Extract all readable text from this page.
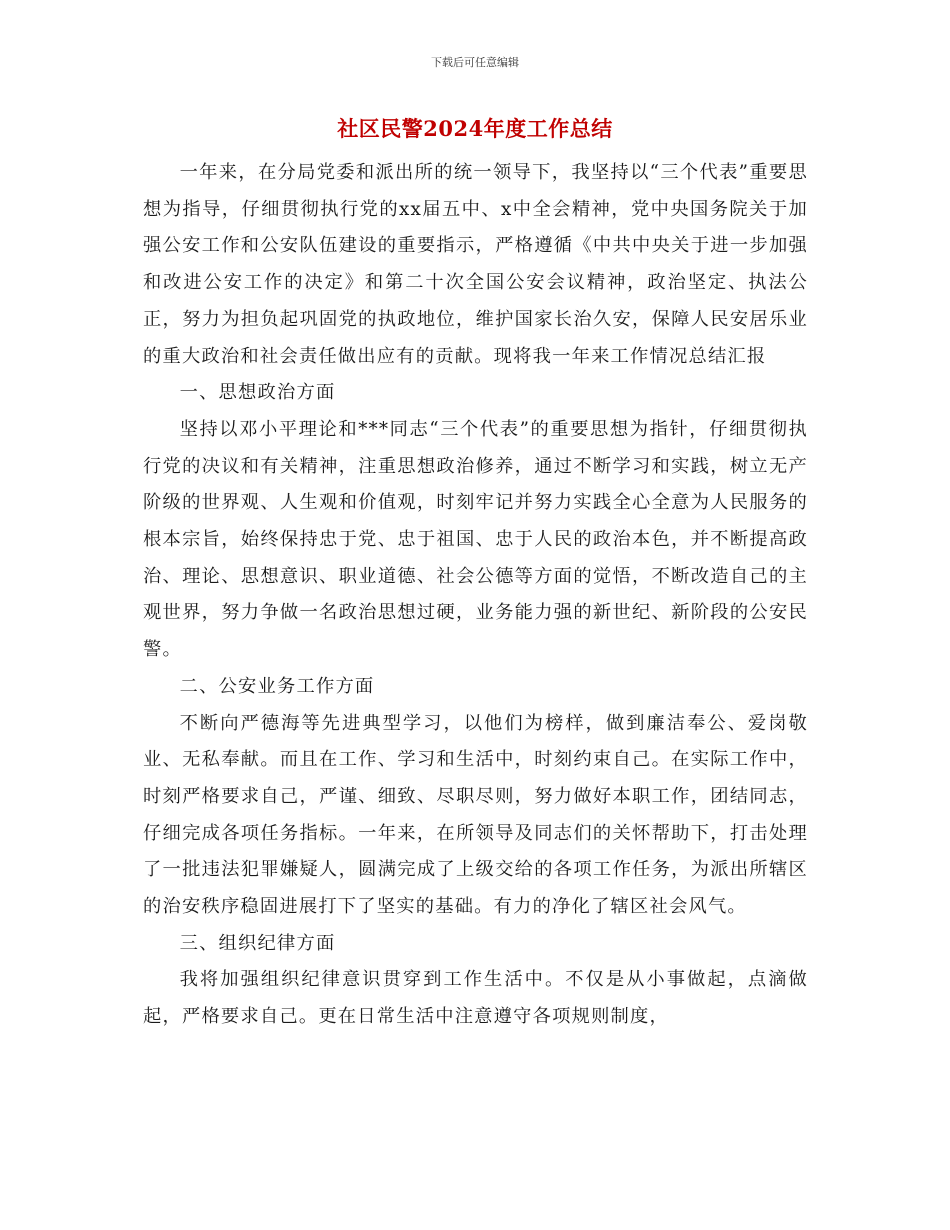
下载后可任意编辑
社区民警2024年度工作总结

一年来，在分局党委和派出所的统一领导下，我坚持以“三个代表”重要思想为指导，仔细贯彻执行党的xx届五中、x中全会精神，党中央国务院关于加强公安工作和公安队伍建设的重要指示，严格遵循《中共中央关于进一步加强和改进公安工作的决定》和第二十次全国公安会议精神，政治坚定、执法公正，努力为担负起巩固党的执政地位，维护国家长治久安，保障人民安居乐业的重大政治和社会责任做出应有的贡献。现将我一年来工作情况总结汇报

一、思想政治方面

坚持以邓小平理论和***同志“三个代表”的重要思想为指针，仔细贯彻执行党的决议和有关精神，注重思想政治修养，通过不断学习和实践，树立无产阶级的世界观、人生观和价值观，时刻牢记并努力实践全心全意为人民服务的根本宗旨，始终保持忠于党、忠于祖国、忠于人民的政治本色，并不断提高政治、理论、思想意识、职业道德、社会公德等方面的觉悟，不断改造自己的主观世界，努力争做一名政治思想过硬，业务能力强的新世纪、新阶段的公安民警。

二、公安业务工作方面

不断向严德海等先进典型学习，以他们为榜样，做到廉洁奉公、爱岗敬业、无私奉献。而且在工作、学习和生活中，时刻约束自己。在实际工作中，时刻严格要求自己，严谨、细致、尽职尽则，努力做好本职工作，团结同志，仔细完成各项任务指标。一年来，在所领导及同志们的关怀帮助下，打击处理了一批违法犯罪嫌疑人，圆满完成了上级交给的各项工作任务，为派出所辖区的治安秩序稳固进展打下了坚实的基础。有力的净化了辖区社会风气。

三、组织纪律方面

我将加强组织纪律意识贯穿到工作生活中。不仅是从小事做起，点滴做起，严格要求自己。更在日常生活中注意遵守各项规则制度，
